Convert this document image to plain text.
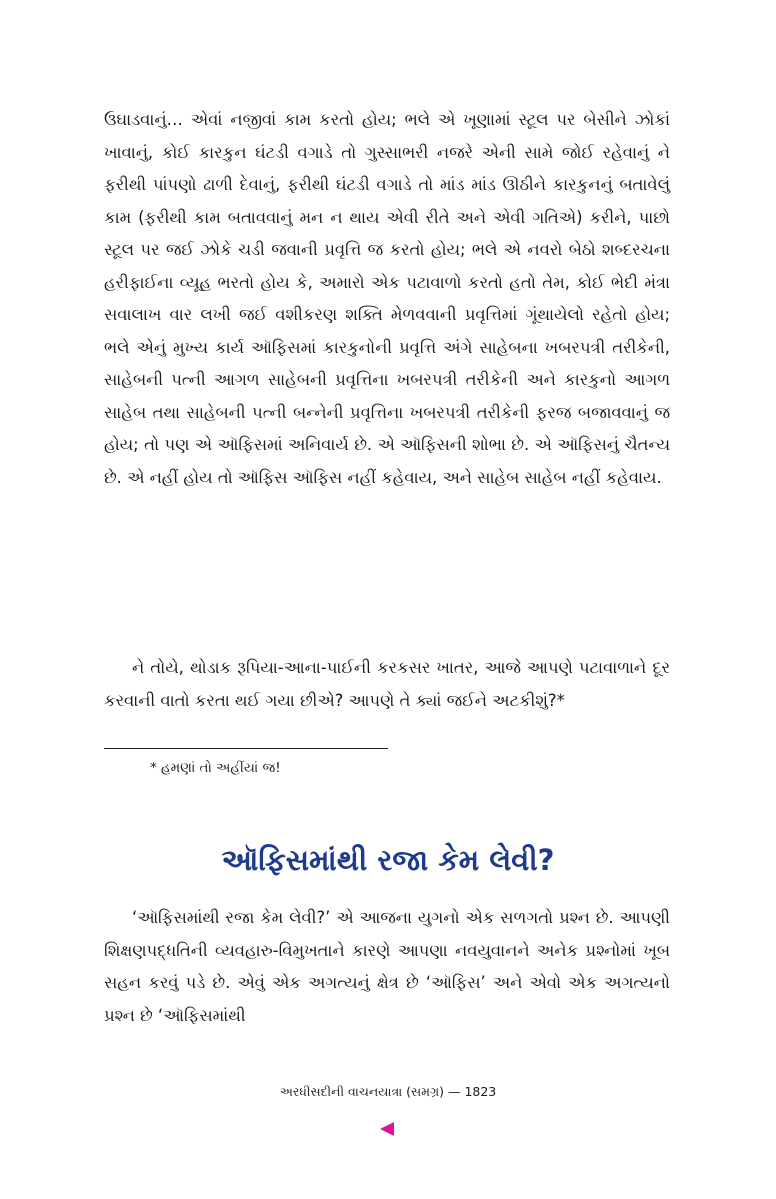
ઉઘાડવાનું… એવાં નજીવાં કામ કરતો હોય; ભલે એ ખૂણામાં સ્ટૂલ પર બેસીને ઝોકાં ખાવાનું, કોઈ કારકુન ઘંટડી વગાડે તો ગુસ્સાભરી નજરે એની સામે જોઈ રહેવાનું ને ફરીથી પાંપણો ઢાળી દેવાનું, ફરીથી ઘંટડી વગાડે તો માંડ માંડ ઊઠીને કારકુનનું બતાવેલું કામ (ફરીથી કામ બતાવવાનું મન ન થાય એવી રીતે અને એવી ગતિએ) કરીને, પાછો સ્ટૂલ પર જઈ ઝોકે ચડી જવાની પ્રવૃત્તિ જ કરતો હોય; ભલે એ નવરો બેઠો શબ્દરચના હરીફાઈના વ્યૂહ ભરતો હોય કે, અમારો એક પટાવાળો કરતો હતો તેમ, કોઈ ભેદી મંત્રા સવાલાખ વાર લખી જઈ વશીકરણ શક્તિ મેળવવાની પ્રવૃત્તિમાં ગૂંથાયેલો રહેતો હોય; ભલે એનું મુખ્ય કાર્ય ઑફિસમાં કારકુનોની પ્રવૃત્તિ અંગે સાહેબના ખબરપત્રી તરીકેની, સાહેબની પત્ની આગળ સાહેબની પ્રવૃત્તિના ખબરપત્રી તરીકેની અને કારકુનો આગળ સાહેબ તથા સાહેબની પત્ની બન્નેની પ્રવૃત્તિના ખબરપત્રી તરીકેની ફરજ બજાવવાનું જ હોય; તો પણ એ ઑફિસમાં અનિવાર્ય છે. એ ઑફિસની શોભા છે. એ ઑફિસનું ચૈતન્ય છે. એ નહીં હોય તો ઑફિસ ઑફિસ નહીં કહેવાય, અને સાહેબ સાહેબ નહીં કહેવાય.

ને તોયે, થોડાક રૂપિયા-આના-પાઈની કરકસર ખાતર, આજે આપણે પટાવાળાને દૂર કરવાની વાતો કરતા થઈ ગયા છીએ? આપણે તે ક્યાં જઈને અટકીશું?*

* હમણાં તો અહીંયાં જ!

ઑફિસમાંથી રજા કેમ લેવી?

‘ઑફિસમાંથી રજા કેમ લેવી?’ એ આજના યુગનો એક સળગતો પ્રશ્ન છે. આપણી શિક્ષણપદ્ધતિની વ્યવહારુ-વિમુખતાને કારણે આપણા નવયુવાનને અનેક પ્રશ્નોમાં ખૂબ સહન કરવું પડે છે. એવું એક અગત્યનું ક્ષેત્ર છે ‘ઑફિસ’ અને એવો એક અગત્યનો પ્રશ્ન છે ‘ઑફિસમાંથી

અરધીસદીની વાચનયાત્રા (સમગ્ર) — 1823
